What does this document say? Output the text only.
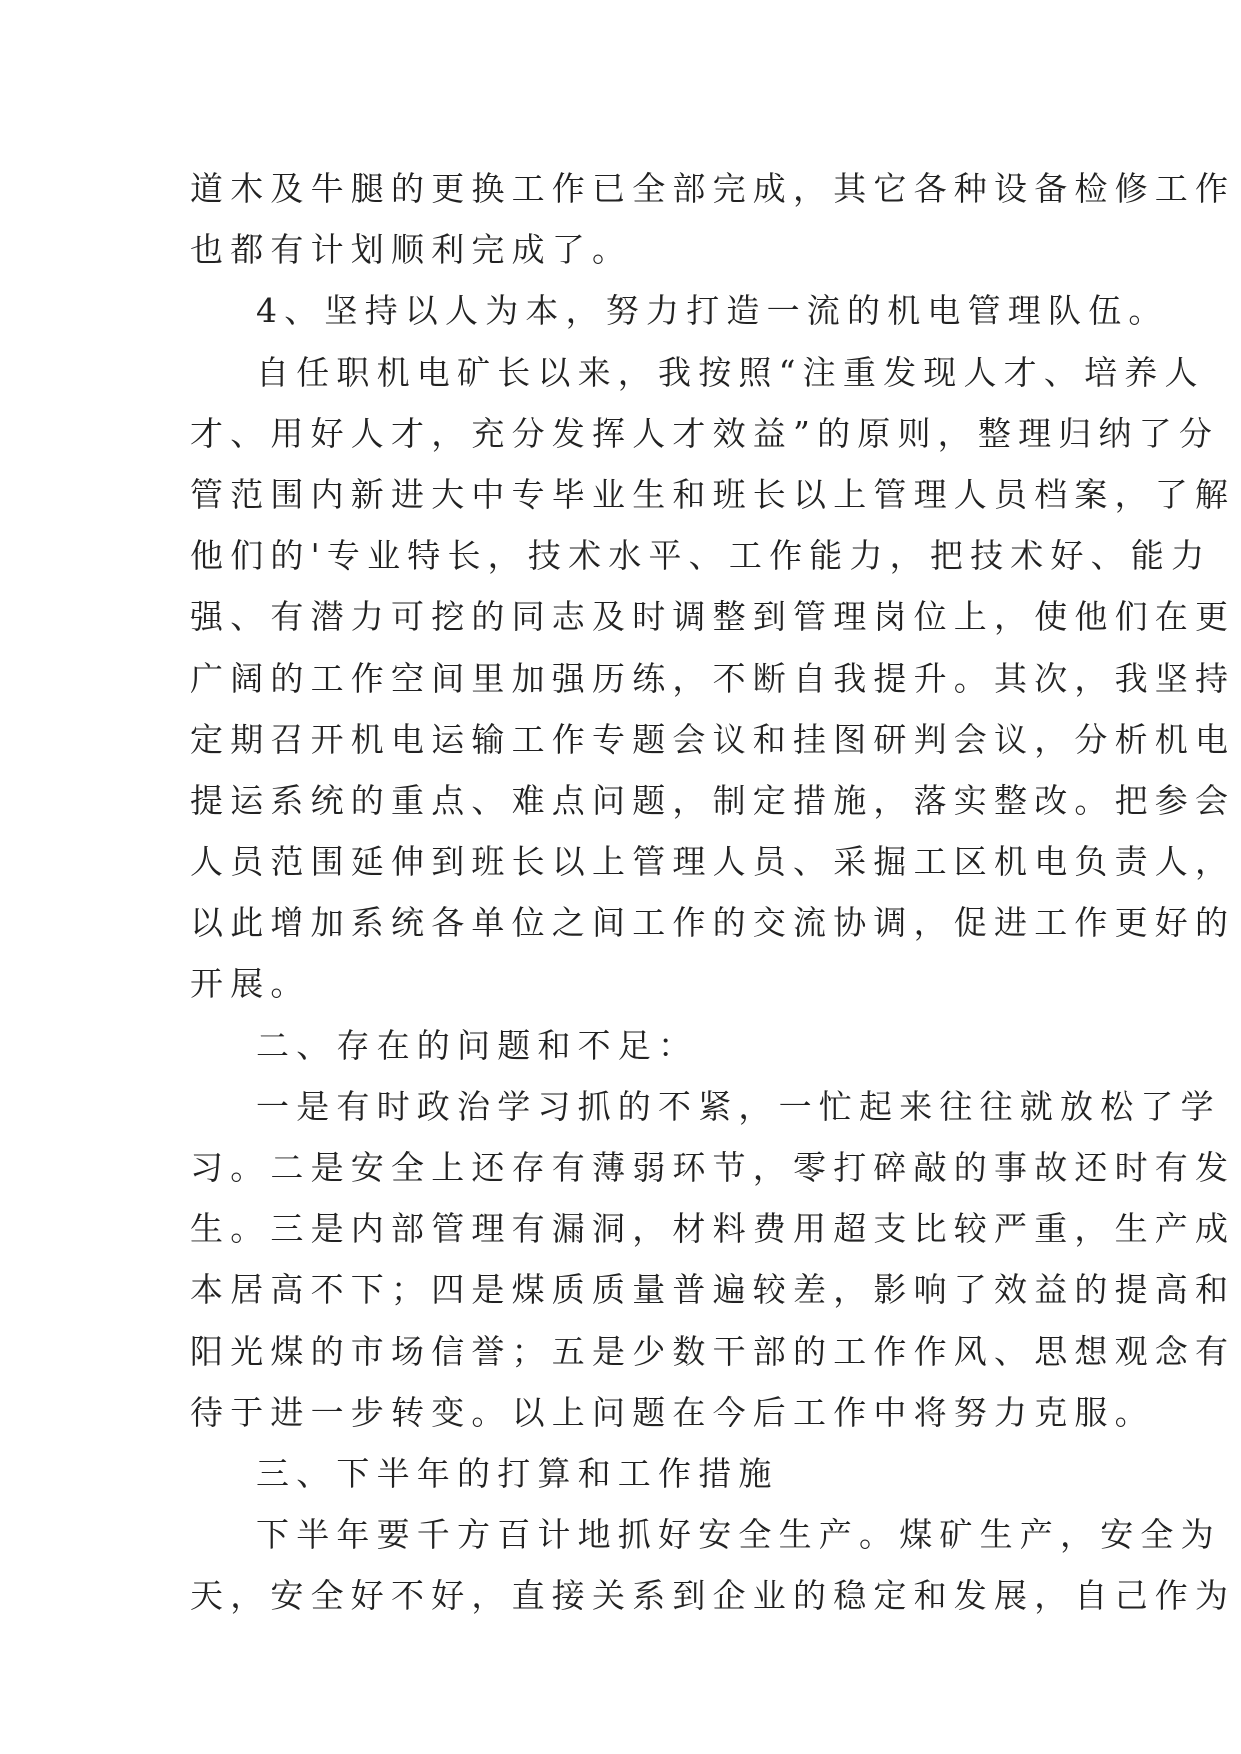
道木及牛腿的更换工作已全部完成，其它各种设备检修工作
也都有计划顺利完成了。
4、坚持以人为本，努力打造一流的机电管理队伍。
自任职机电矿长以来，我按照“注重发现人才、培养人
才、用好人才，充分发挥人才效益”的原则，整理归纳了分
管范围内新进大中专毕业生和班长以上管理人员档案，了解
他们的'专业特长，技术水平、工作能力，把技术好、能力
强、有潜力可挖的同志及时调整到管理岗位上，使他们在更
广阔的工作空间里加强历练，不断自我提升。其次，我坚持
定期召开机电运输工作专题会议和挂图研判会议，分析机电
提运系统的重点、难点问题，制定措施，落实整改。把参会
人员范围延伸到班长以上管理人员、采掘工区机电负责人，
以此增加系统各单位之间工作的交流协调，促进工作更好的
开展。
二、存在的问题和不足：
一是有时政治学习抓的不紧，一忙起来往往就放松了学
习。二是安全上还存有薄弱环节，零打碎敲的事故还时有发
生。三是内部管理有漏洞，材料费用超支比较严重，生产成
本居高不下；四是煤质质量普遍较差，影响了效益的提高和
阳光煤的市场信誉；五是少数干部的工作作风、思想观念有
待于进一步转变。以上问题在今后工作中将努力克服。
三、下半年的打算和工作措施
下半年要千方百计地抓好安全生产。煤矿生产，安全为
天，安全好不好，直接关系到企业的稳定和发展，自己作为
